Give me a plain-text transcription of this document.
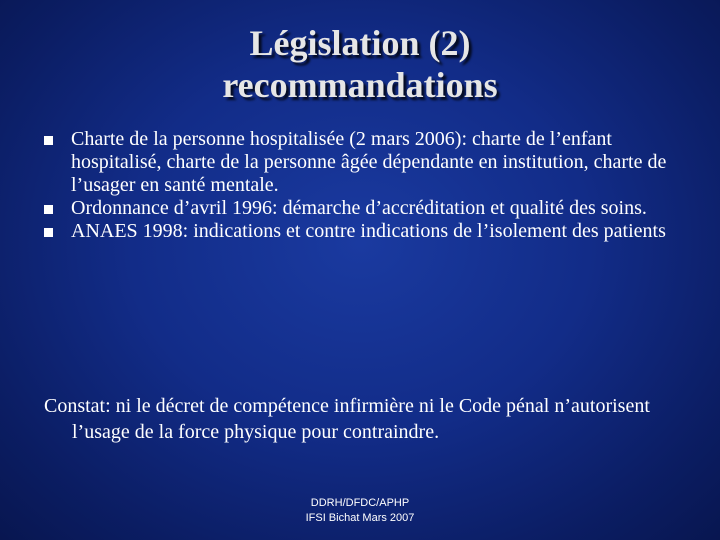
Législation (2)
recommandations
Charte de la personne hospitalisée (2 mars 2006): charte de l’enfant hospitalisé, charte de la personne âgée dépendante en institution, charte de l’usager en santé mentale.
Ordonnance d’avril 1996: démarche d’accréditation et qualité des soins.
ANAES 1998: indications et contre indications de l’isolement des patients

Constat: ni le décret de compétence infirmière ni le Code pénal n’autorisent l’usage de la force physique pour contraindre.

DDRH/DFDC/APHP
IFSI Bichat Mars 2007
